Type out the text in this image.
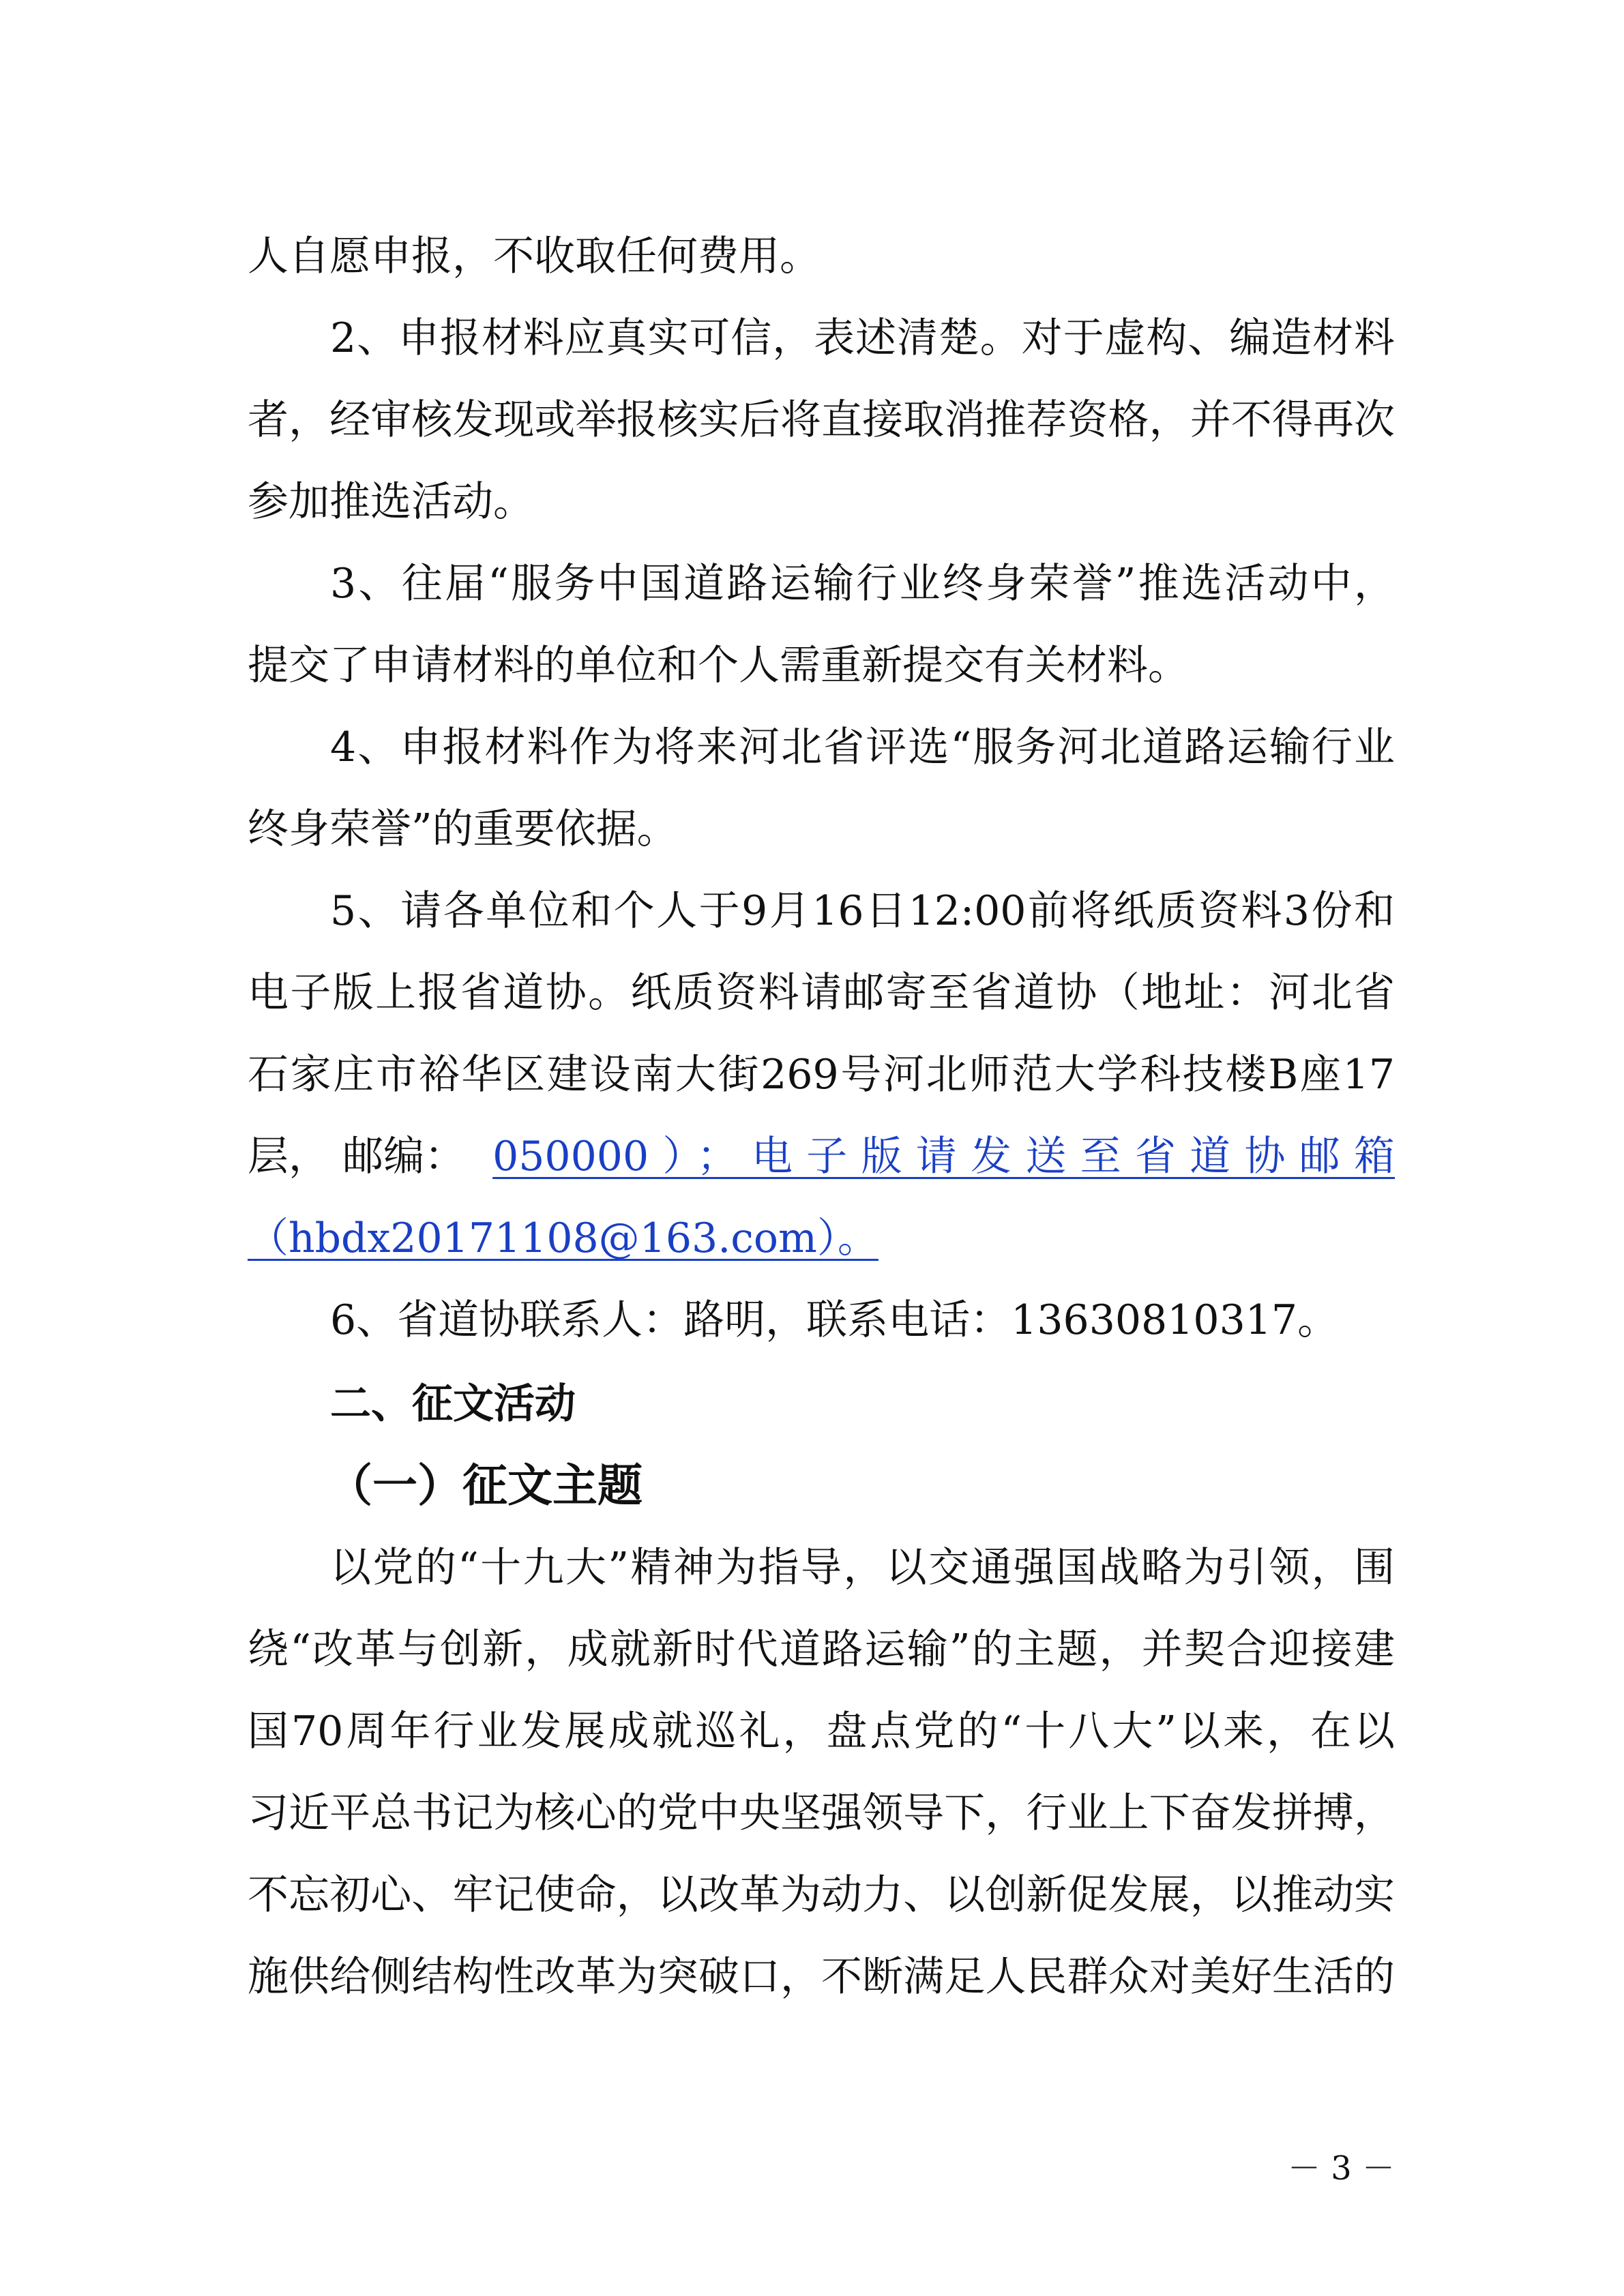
人自愿申报，不收取任何费用。
2、申报材料应真实可信，表述清楚。对于虚构、编造材料
者，经审核发现或举报核实后将直接取消推荐资格，并不得再次
参加推选活动。
3、往届“服务中国道路运输行业终身荣誉”推选活动中，
提交了申请材料的单位和个人需重新提交有关材料。
4、申报材料作为将来河北省评选“服务河北道路运输行业
终身荣誉”的重要依据。
5、请各单位和个人于9月16日12:00前将纸质资料3份和
电子版上报省道协。纸质资料请邮寄至省道协（地址：河北省
石家庄市裕华区建设南大街269号河北师范大学科技楼B座17
层， 邮编： 050000）；电子版请发送至省道协邮箱
（hbdx20171108@163.com）。
6、省道协联系人：路明，联系电话：13630810317。
二、征文活动
（一）征文主题
以党的“十九大”精神为指导，以交通强国战略为引领，围
绕“改革与创新，成就新时代道路运输”的主题，并契合迎接建
国70周年行业发展成就巡礼，盘点党的“十八大”以来，在以
习近平总书记为核心的党中央坚强领导下，行业上下奋发拼搏，
不忘初心、牢记使命，以改革为动力、以创新促发展，以推动实
施供给侧结构性改革为突破口，不断满足人民群众对美好生活的
－ 3 －
